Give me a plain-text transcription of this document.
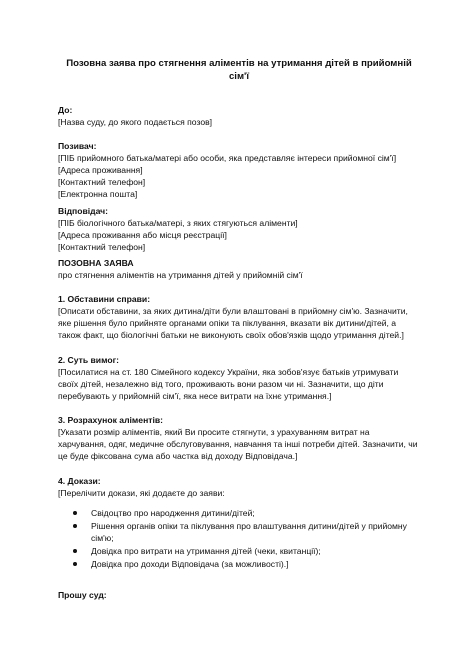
Позовна заява про стягнення аліментів на утримання дітей в прийомній сім'ї
До:
[Назва суду, до якого подається позов]
Позивач:
[ПІБ прийомного батька/матері або особи, яка представляє інтереси прийомної сім'ї]
[Адреса проживання]
[Контактний телефон]
[Електронна пошта]
Відповідач:
[ПІБ біологічного батька/матері, з яких стягуються аліменти]
[Адреса проживання або місця реєстрації]
[Контактний телефон]
ПОЗОВНА ЗАЯВА
про стягнення аліментів на утримання дітей у прийомній сім'ї
1. Обставини справи:
[Описати обставини, за яких дитина/діти були влаштовані в прийомну сім'ю. Зазначити, яке рішення було прийняте органами опіки та піклування, вказати вік дитини/дітей, а також факт, що біологічні батьки не виконують своїх обов'язків щодо утримання дітей.]
2. Суть вимог:
[Посилатися на ст. 180 Сімейного кодексу України, яка зобов'язує батьків утримувати своїх дітей, незалежно від того, проживають вони разом чи ні. Зазначити, що діти перебувають у прийомній сім'ї, яка несе витрати на їхнє утримання.]
3. Розрахунок аліментів:
[Указати розмір аліментів, який Ви просите стягнути, з урахуванням витрат на харчування, одяг, медичне обслуговування, навчання та інші потреби дітей. Зазначити, чи це буде фіксована сума або частка від доходу Відповідача.]
4. Докази:
[Перелічити докази, які додаєте до заяви:
Свідоцтво про народження дитини/дітей;
Рішення органів опіки та піклування про влаштування дитини/дітей у прийомну сім'ю;
Довідка про витрати на утримання дітей (чеки, квитанції);
Довідка про доходи Відповідача (за можливості).]
Прошу суд:
